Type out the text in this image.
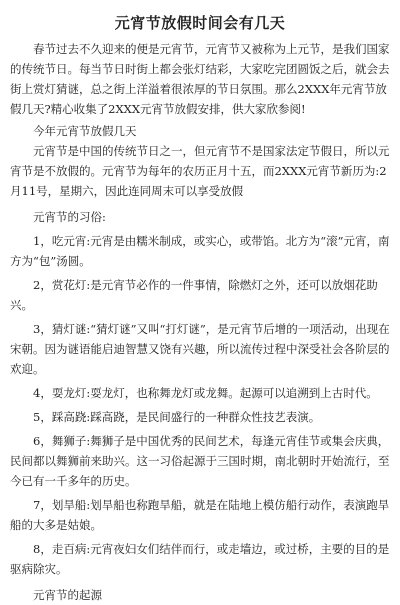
元宵节放假时间会有几天

春节过去不久迎来的便是元宵节，元宵节又被称为上元节，是我们国家的传统节日。每当节日时街上都会张灯结彩，大家吃完团圆饭之后，就会去街上赏灯猜谜，总之街上洋溢着很浓厚的节日氛围。那么2XXX年元宵节放假几天?精心收集了2XXX元宵节放假安排，供大家欣参阅!

今年元宵节放假几天

元宵节是中国的传统节日之一，但元宵节不是国家法定节假日，所以元宵节是不放假的。元宵节为每年的农历正月十五，而2XXX元宵节新历为:2月11号，星期六，因此连同周末可以享受放假

元宵节的习俗:

1，吃元宵:元宵是由糯米制成，或实心，或带馅。北方为“滚”元宵，南方为“包”汤圆。

2，赏花灯:是元宵节必作的一件事情，除燃灯之外，还可以放烟花助兴。

3，猜灯谜:“猜灯谜”又叫“打灯谜”，是元宵节后增的一项活动，出现在宋朝。因为谜语能启迪智慧又饶有兴趣，所以流传过程中深受社会各阶层的欢迎。

4，耍龙灯:耍龙灯，也称舞龙灯或龙舞。起源可以追溯到上古时代。

5，踩高跷:踩高跷，是民间盛行的一种群众性技艺表演。

6，舞狮子:舞狮子是中国优秀的民间艺术，每逢元宵佳节或集会庆典，民间都以舞狮前来助兴。这一习俗起源于三国时期，南北朝时开始流行，至今已有一千多年的历史。

7，划旱船:划旱船也称跑旱船，就是在陆地上模仿船行动作，表演跑旱船的大多是姑娘。

8，走百病:元宵夜妇女们结伴而行，或走墙边，或过桥，主要的目的是驱病除灾。

元宵节的起源
